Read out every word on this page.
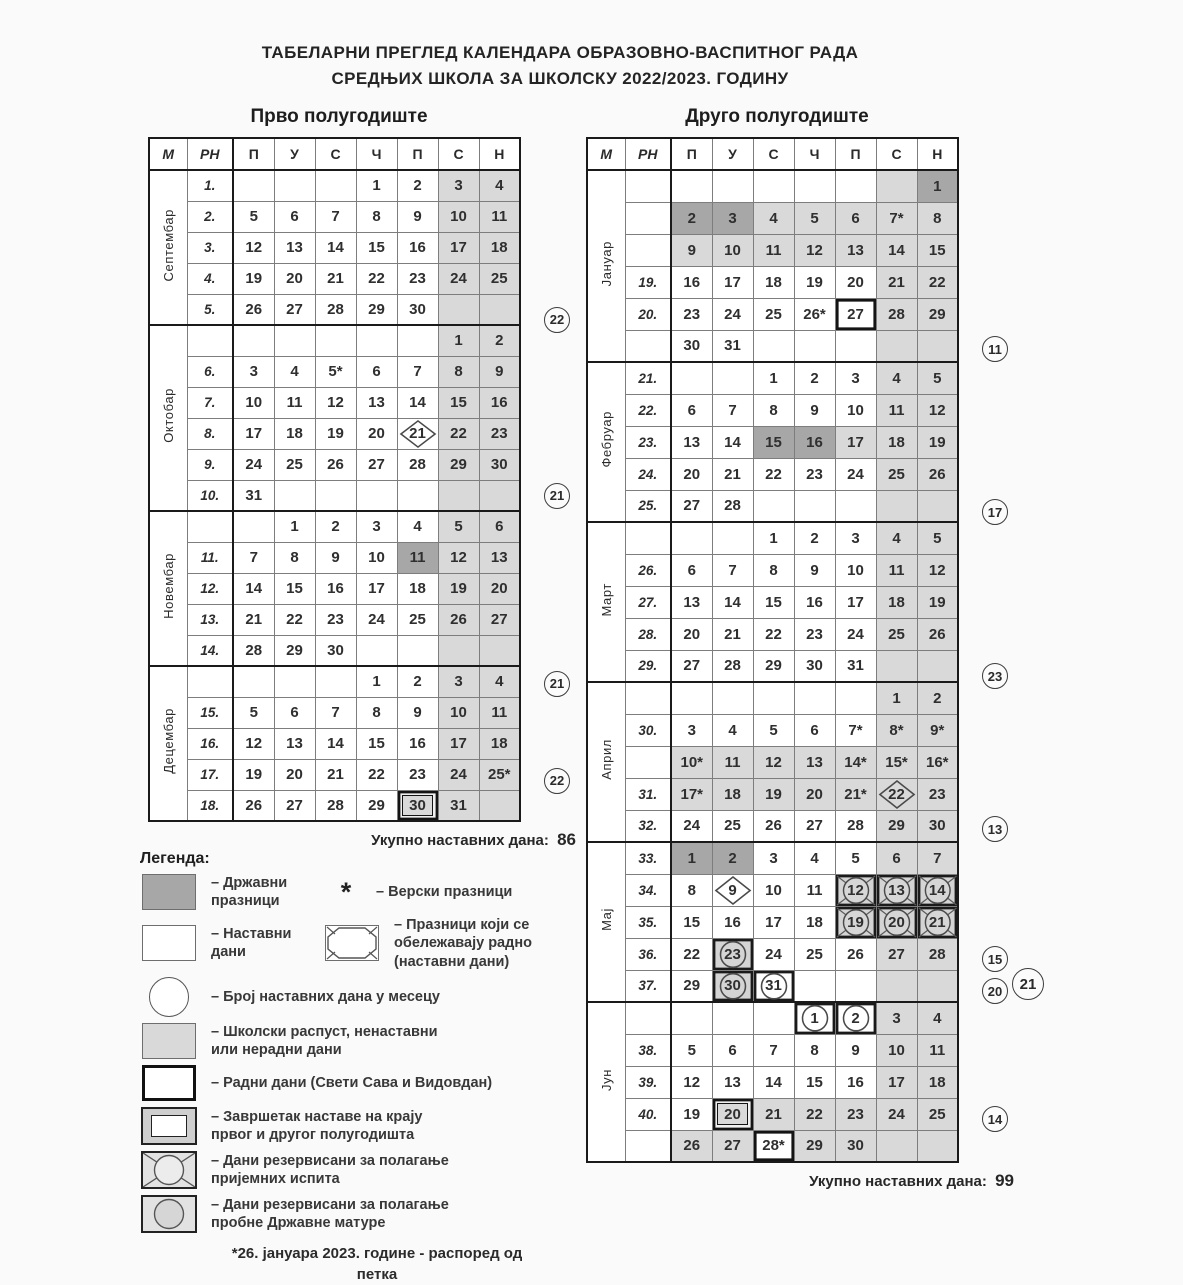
ТАБЕЛАРНИ ПРЕГЛЕД КАЛЕНДАРА ОБРАЗОВНО-ВАСПИТНОГ РАДА
СРЕДЊИХ ШКОЛА ЗА ШКОЛСКУ 2022/2023. ГОДИНУ
Прво полугодиште
М	РН	П	У	С	Ч	П	С	Н
Септембар	1.				1	2	3	4
	2.	5	6	7	8	9	10	11
	3.	12	13	14	15	16	17	18
	4.	19	20	21	22	23	24	25
	5.	26	27	28	29	30		
Октобар							1	2
	6.	3	4	5*	6	7	8	9
	7.	10	11	12	13	14	15	16
	8.	17	18	19	20	21	22	23
	9.	24	25	26	27	28	29	30
	10.	31						
Новембар			1	2	3	4	5	6
	11.	7	8	9	10	11	12	13
	12.	14	15	16	17	18	19	20
	13.	21	22	23	24	25	26	27
	14.	28	29	30				
Децембар					1	2	3	4
	15.	5	6	7	8	9	10	11
	16.	12	13	14	15	16	17	18
	17.	19	20	21	22	23	24	25*
	18.	26	27	28	29	30	31	
22
21
21
22
Укупно наставних дана: 86
Друго полугодиште
М	РН	П	У	С	Ч	П	С	Н
Јануар								1
		2	3	4	5	6	7*	8
		9	10	11	12	13	14	15
	19.	16	17	18	19	20	21	22
	20.	23	24	25	26*	27	28	29
		30	31					
Фебруар	21.			1	2	3	4	5
	22.	6	7	8	9	10	11	12
	23.	13	14	15	16	17	18	19
	24.	20	21	22	23	24	25	26
	25.	27	28					
Март				1	2	3	4	5
	26.	6	7	8	9	10	11	12
	27.	13	14	15	16	17	18	19
	28.	20	21	22	23	24	25	26
	29.	27	28	29	30	31		
Април							1	2
	30.	3	4	5	6	7*	8*	9*
		10*	11	12	13	14*	15*	16*
	31.	17*	18	19	20	21*	22	23
	32.	24	25	26	27	28	29	30
Мај	33.	1	2	3	4	5	6	7
	34.	8	9	10	11	12	13	14
	35.	15	16	17	18	19	20	21
	36.	22	23	24	25	26	27	28
	37.	29	30	31				
Јун					1	2	3	4
	38.	5	6	7	8	9	10	11
	39.	12	13	14	15	16	17	18
	40.	19	20	21	22	23	24	25
		26	27	28*	29	30		
11
17
23
13
15
20	21
14
Укупно наставних дана: 99
Легенда:
– Државни празници	*	– Верски празници
– Наставни дани
– Празници који се обележавају радно (наставни дани)
– Број наставних дана у месецу
– Школски распуст, ненаставни или нерадни дани
– Радни дани (Свети Сава и Видовдан)
– Завршетак наставе на крају првог и другог полугодишта
– Дани резервисани за полагање пријемних испита
– Дани резервисани за полагање пробне Државне матуре
*26. јануара 2023. године - распоред од петка
